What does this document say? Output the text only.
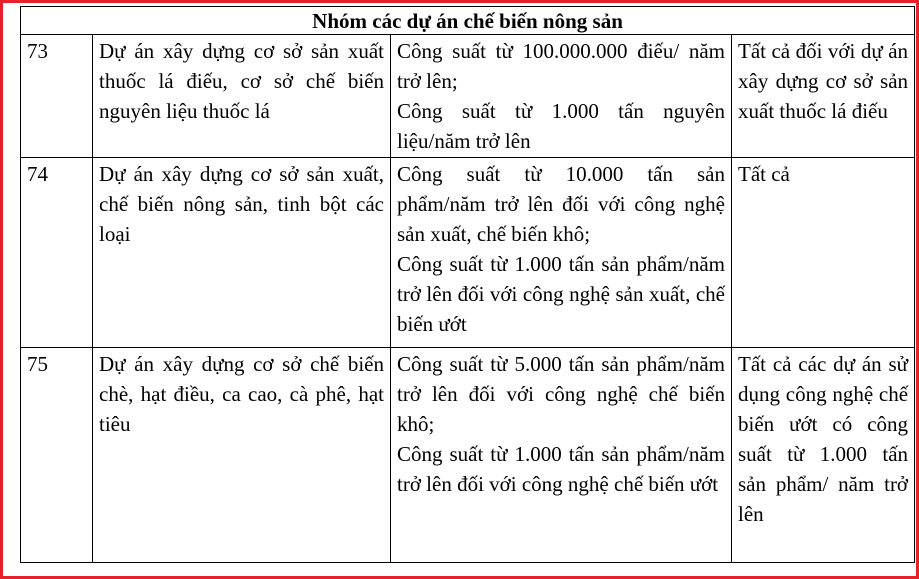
Nhóm các dự án chế biến nông sản			
73	Dự án xây dựng cơ sở sản xuất thuốc lá điếu, cơ sở chế biến nguyên liệu thuốc lá	Công suất từ 100.000.000 điếu/ năm trở lên;
Công suất từ 1.000 tấn nguyên liệu/năm trở lên	Tất cả đối với dự án xây dựng cơ sở sản xuất thuốc lá điếu
74	Dự án xây dựng cơ sở sản xuất, chế biến nông sản, tinh bột các loại	Công suất từ 10.000 tấn sản phẩm/năm trở lên đối với công nghệ sản xuất, chế biến khô;
Công suất từ 1.000 tấn sản phẩm/năm trở lên đối với công nghệ sản xuất, chế biến ướt	Tất cả
75	Dự án xây dựng cơ sở chế biến chè, hạt điều, ca cao, cà phê, hạt tiêu	Công suất từ 5.000 tấn sản phẩm/năm trở lên đối với công nghệ chế biến khô;
Công suất từ 1.000 tấn sản phẩm/năm trở lên đối với công nghệ chế biến ướt	Tất cả các dự án sử dụng công nghệ chế biến ướt có công suất từ 1.000 tấn sản phẩm/ năm trở lên
